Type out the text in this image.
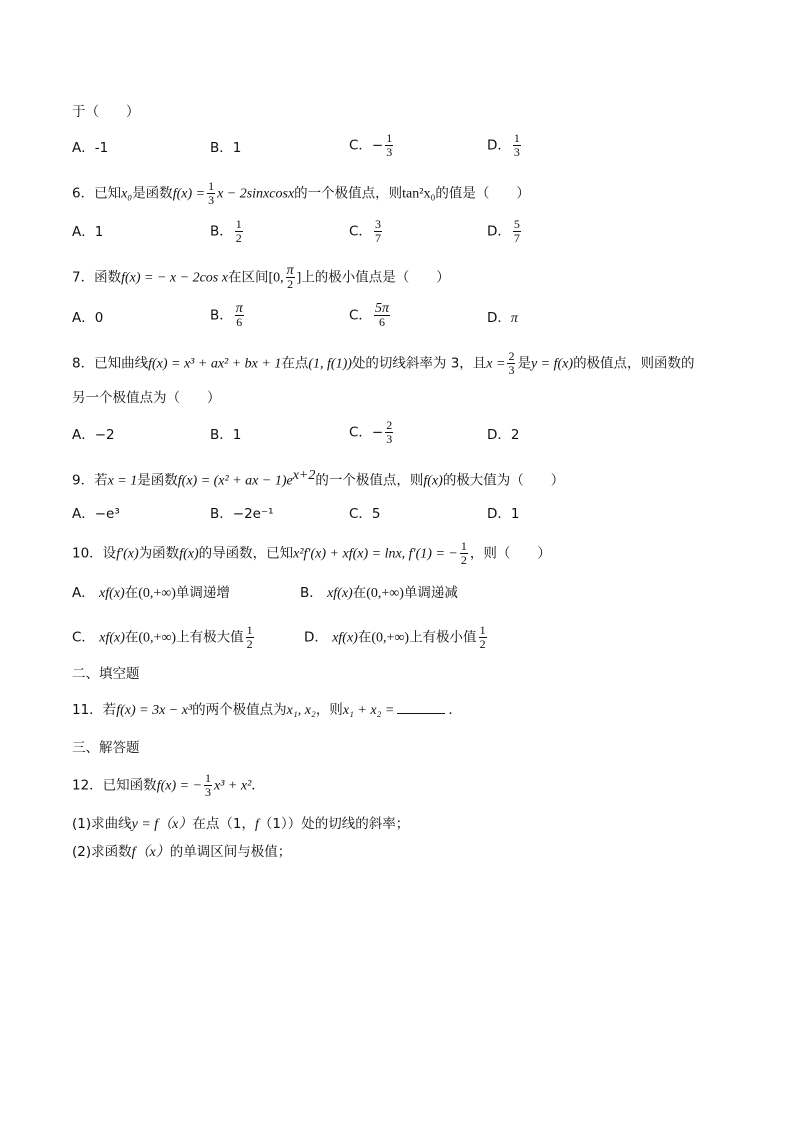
于（　　）
A．-1	B．1	C．− $\frac{1}{3}$	D． $\frac{1}{3}$
6．已知x₀是函数$f(x) = \frac{1}{3}$ x − 2sinxcosx的一个极值点，则tan²x₀的值是（　　）
A．1	B． $\frac{1}{2}$	C． $\frac{3}{7}$	D． $\frac{5}{7}$
7．函数f(x) = − x − 2cos x在区间[0, $\frac{\pi}{2}$ ]上的极小值点是（　　）
A．0	B． $\frac{\pi}{6}$	C． $\frac{5\pi}{6}$	D．π
8．已知曲线f(x) = x³ + ax² + bx + 1在点(1, f(1))处的切线斜率为 3，且$x = \frac{2}{3}$ 是y = f(x)的极值点，则函数的
另一个极值点为（　　）
A．−2	B．1	C．− $\frac{2}{3}$	D．2
9．若x = 1是函数f(x) = (x² + ax − $1)e^{x+2}$的一个极值点，则f(x)的极大值为（　　）
A．−e³	B．−2e⁻¹	C．5	D．1
10．设f′(x)为函数f(x)的导函数，已知x²f′(x) + xf(x) = lnx, f′(1) = − $\frac{1}{2}$ ，则（　　）
A． xf(x)在(0,+∞)单调递增	B． xf(x)在(0,+∞)单调递减
C． xf(x)在(0,+∞)上有极大值 $\frac{1}{2}$	D． xf(x)在(0,+∞)上有极小值 $\frac{1}{2}$
二、填空题
11．若f(x) = 3x − x³的两个极值点为x₁, x₂，则x₁ + x₂ =	．
三、解答题
12．已知函数f(x) = − $\frac{1}{3} x^3 + x^2$．
(1)求曲线y = f（x）在点（1，f（1））处的切线的斜率；
(2)求函数f（x）的单调区间与极值；
